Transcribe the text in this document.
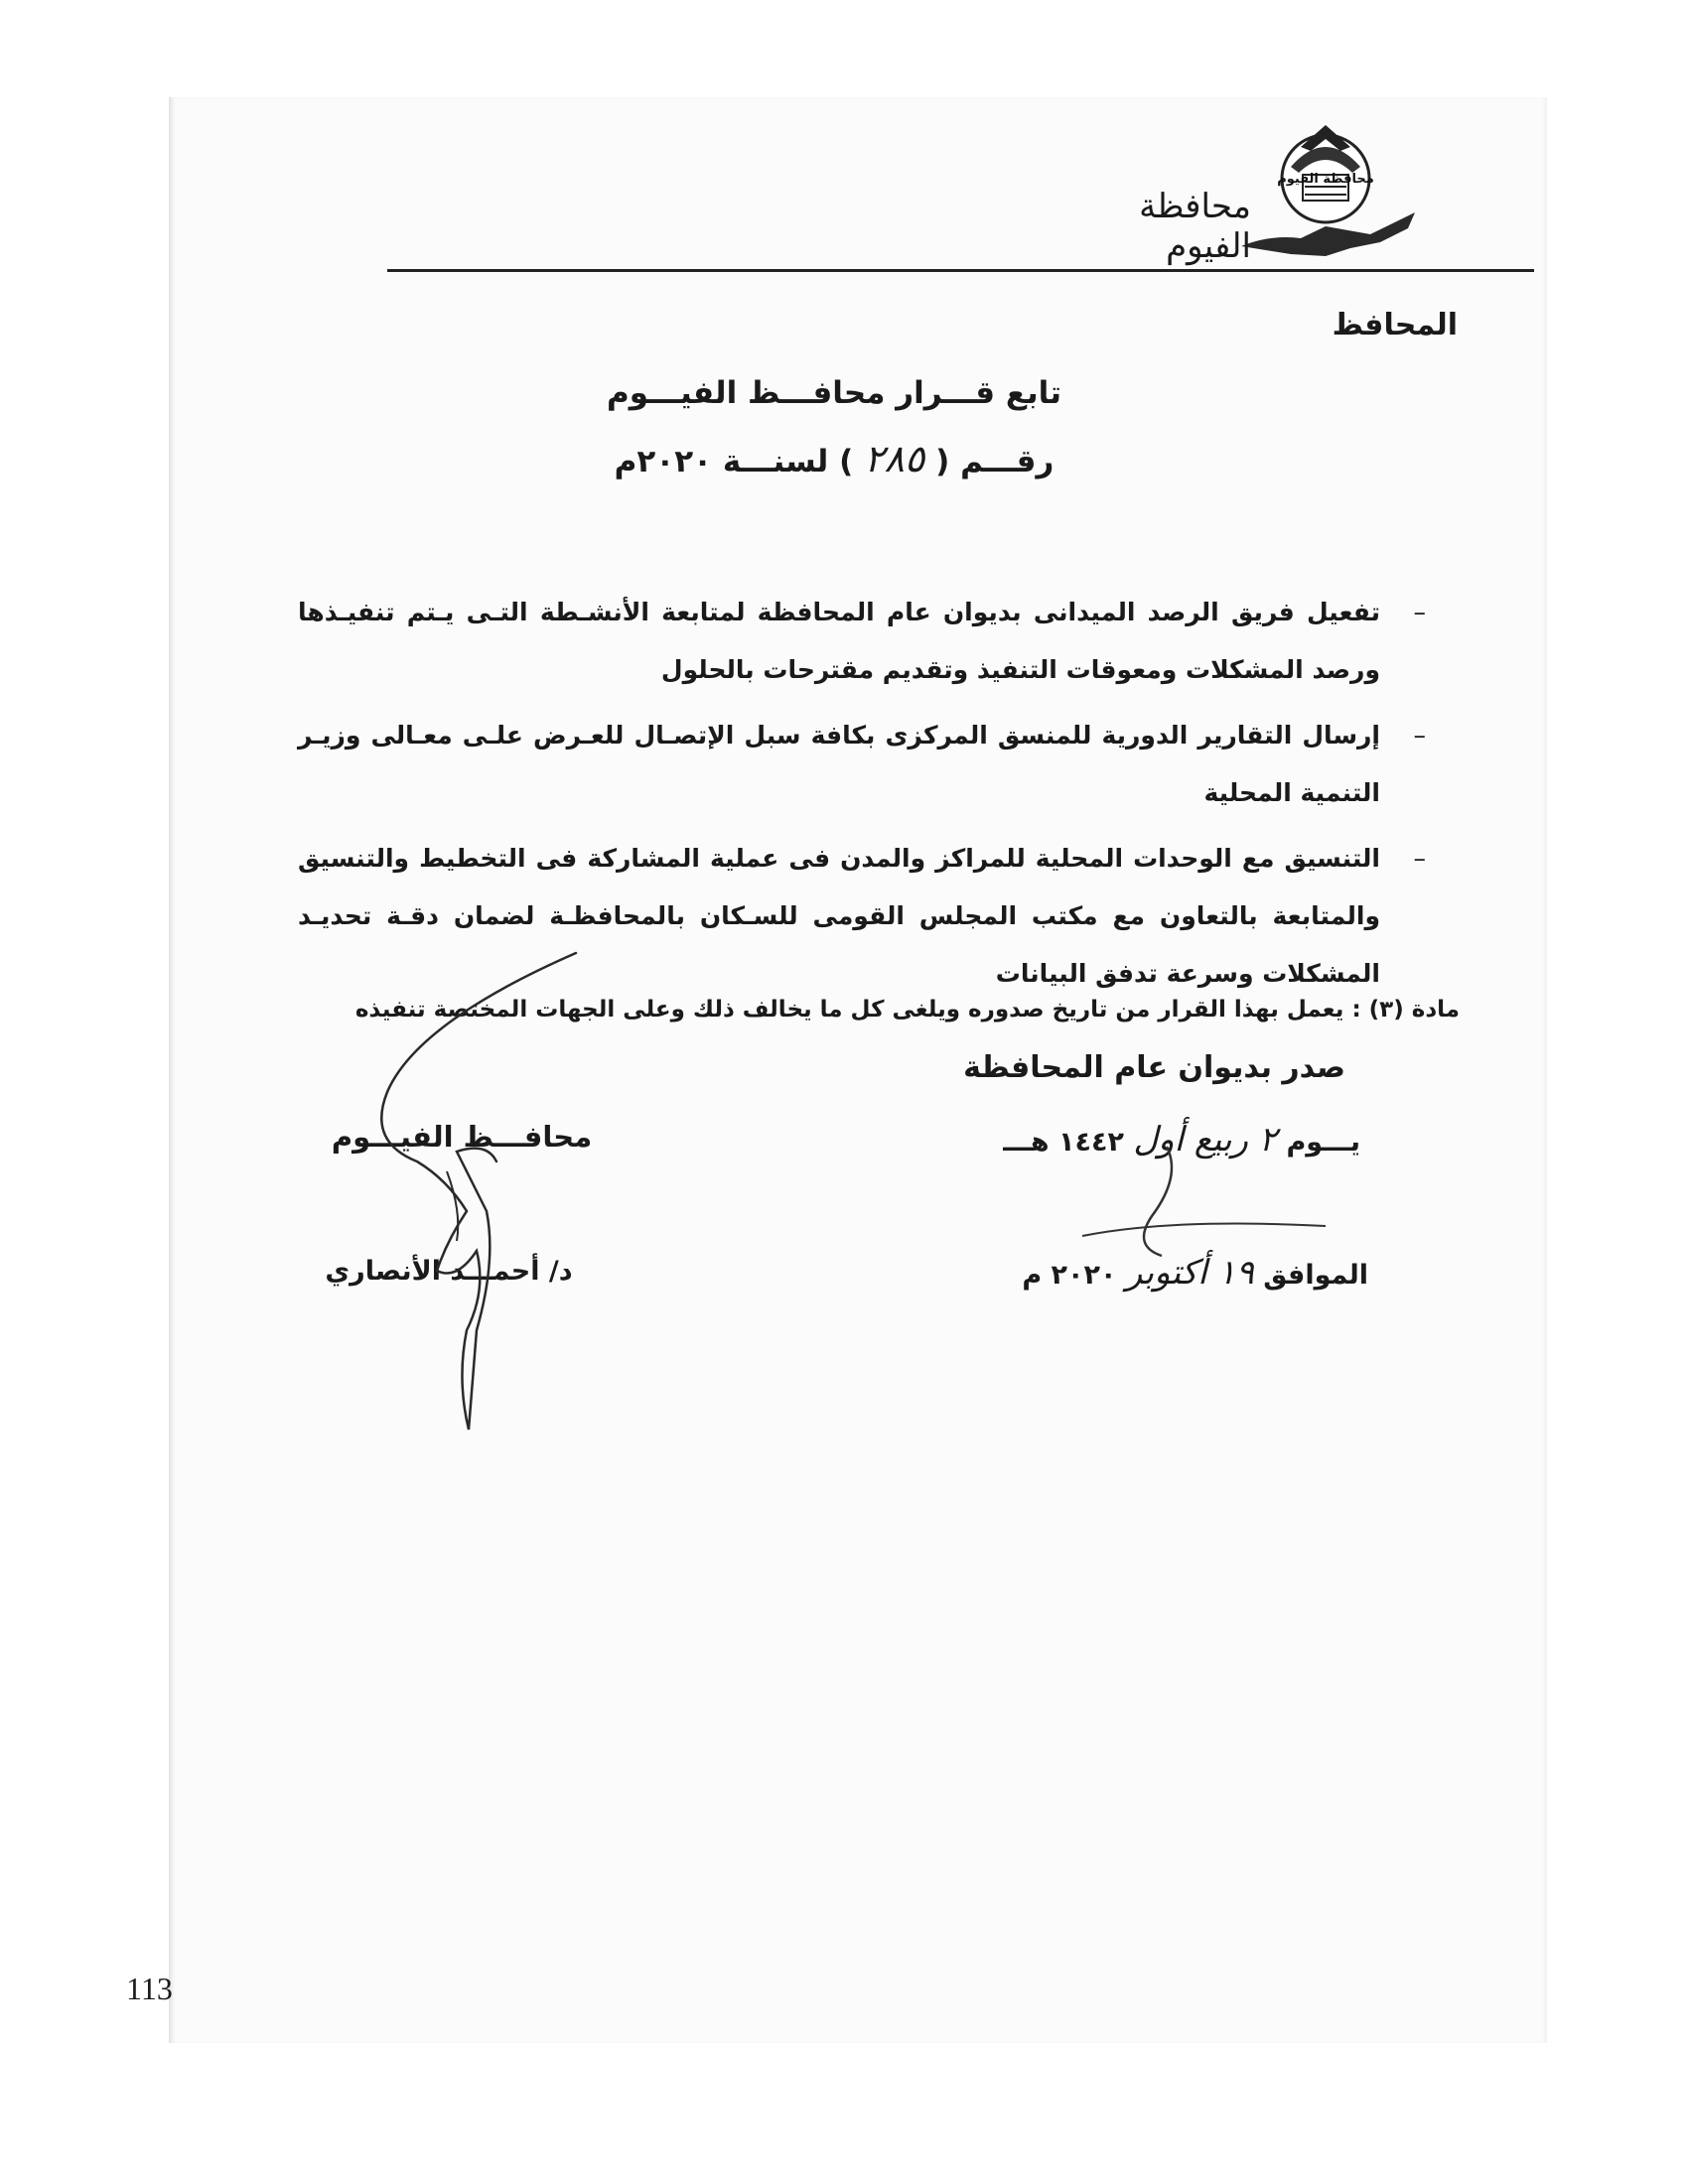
محافظة الفيوم
محافظة الفيوم
المحافظ
تابع قـــرار محافـــظ الفيـــوم
رقـــم ( ٢٨٥ ) لسنـــة ٢٠٢٠م
–
تفعيل فريق الرصد الميدانى بديوان عام المحافظة لمتابعة الأنشـطة التـى يـتم تنفيـذها ورصد المشكلات ومعوقات التنفيذ وتقديم مقترحات بالحلول
–
إرسال التقارير الدورية للمنسق المركزى بكافة سبل الإتصـال للعـرض علـى معـالى وزيـر التنمية المحلية
–
التنسيق مع الوحدات المحلية للمراكز والمدن فى عملية المشاركة فى التخطيط والتنسيق والمتابعة بالتعاون مع مكتب المجلس القومى للسـكان بالمحافظـة لضمان دقـة تحديـد المشكلات وسرعة تدفق البيانات
مادة (٣) : يعمل بهذا القرار من تاريخ صدوره ويلغى كل ما يخالف ذلك وعلى الجهات المختصة تنفيذه
صدر بديوان عام المحافظة
يـــوم ٢ ربيع أول ١٤٤٢ هـــ
الموافق ١٩ أكتوبر ٢٠٢٠ م
محافـــظ الفيـــوم
د/ أحمـــد الأنصاري
113
